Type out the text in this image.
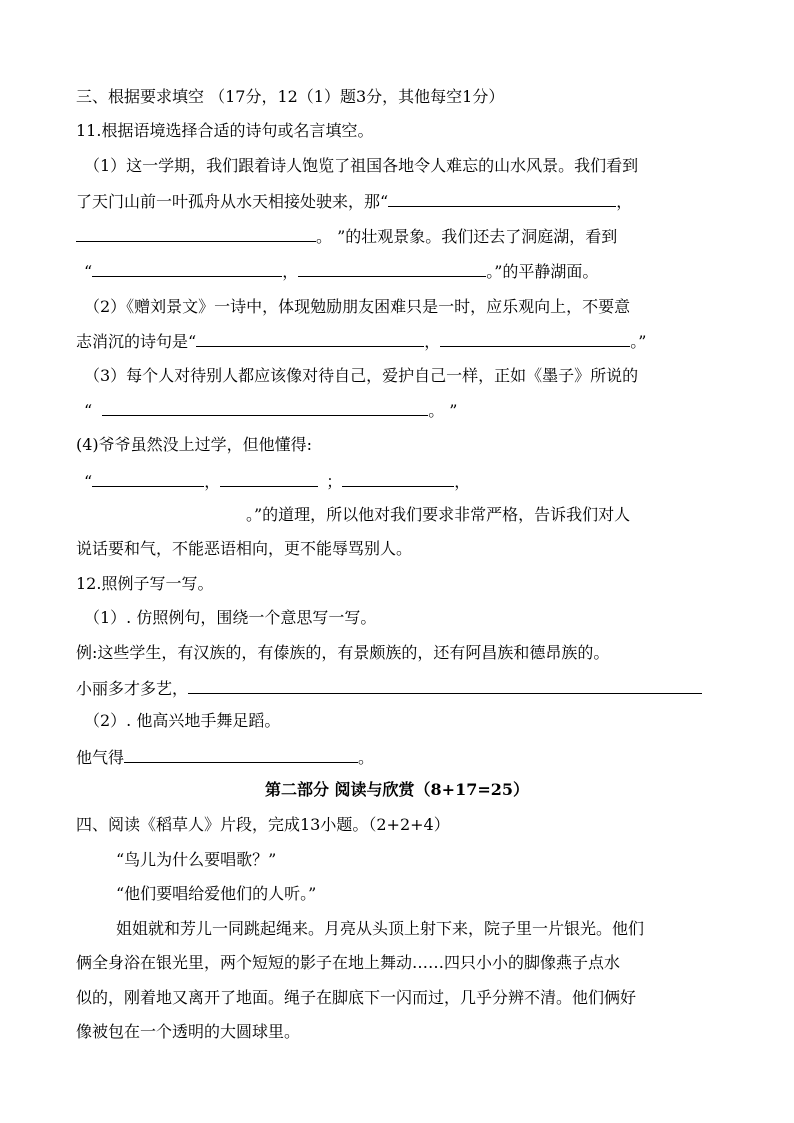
三、根据要求填空 （17分，12（1）题3分，其他每空1分）
11.根据语境选择合适的诗句或名言填空。
（1）这一学期，我们跟着诗人饱览了祖国各地令人难忘的山水风景。我们看到
了天门山前一叶孤舟从水天相接处驶来，那“	，
。 ”的壮观景象。我们还去了洞庭湖，看到
“	，	。”的平静湖面。
（2）《赠刘景文》一诗中，体现勉励朋友困难只是一时，应乐观向上，不要意
志消沉的诗句是“	，	。”
（3）每个人对待别人都应该像对待自己，爱护自己一样，正如《墨子》所说的
“	。 ”
(4)爷爷虽然没上过学，但他懂得:
“	，	；	，
。”的道理，所以他对我们要求非常严格，告诉我们对人
说话要和气，不能恶语相向，更不能辱骂别人。
12.照例子写一写。
（1）. 仿照例句，围绕一个意思写一写。
例:这些学生，有汉族的，有傣族的，有景颇族的，还有阿昌族和德昂族的。
小丽多才多艺，
（2）. 他高兴地手舞足蹈。
他气得	。
第二部分 阅读与欣赏（8+17=25）
四、阅读《稻草人》片段，完成13小题。（2+2+4）
“鸟儿为什么要唱歌？”
“他们要唱给爱他们的人听。”
姐姐就和芳儿一同跳起绳来。月亮从头顶上射下来，院子里一片银光。他们
俩全身浴在银光里，两个短短的影子在地上舞动……四只小小的脚像燕子点水
似的，刚着地又离开了地面。绳子在脚底下一闪而过，几乎分辨不清。他们俩好
像被包在一个透明的大圆球里。
